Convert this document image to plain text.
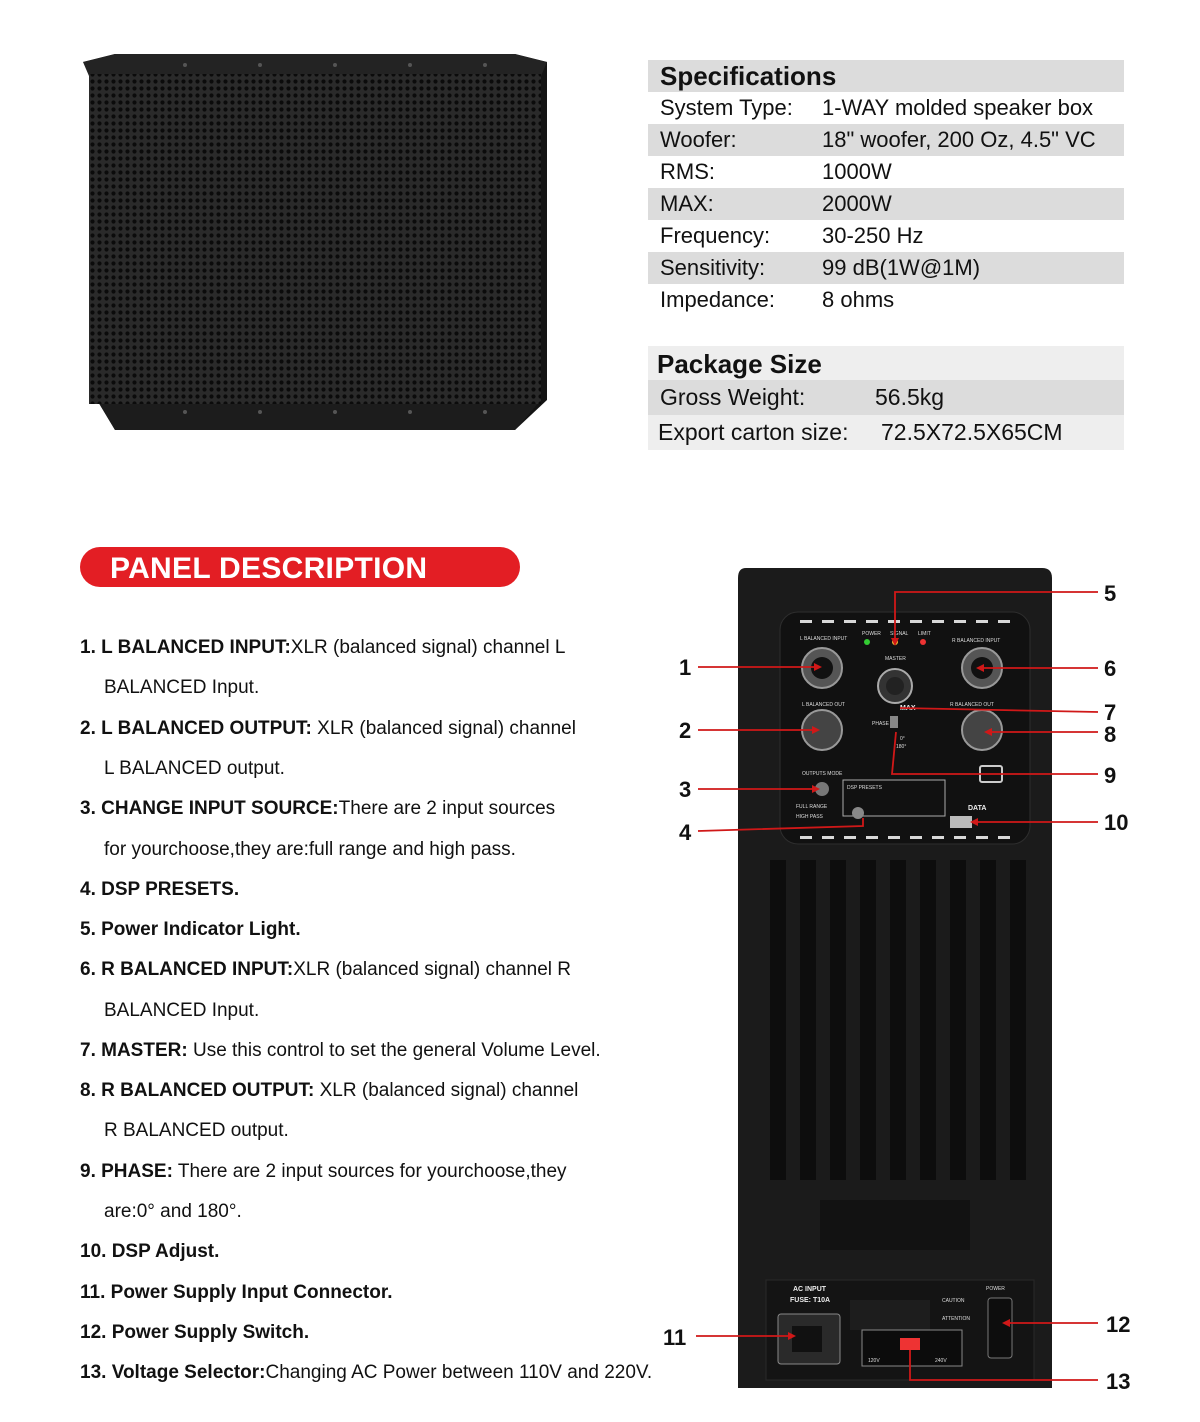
Specifications
System Type: 1-WAY molded speaker box
Woofer:	18" woofer, 200 Oz, 4.5" VC
RMS:	1000W
MAX:	2000W
Frequency: 30-250 Hz
Sensitivity:	99 dB(1W@1M)
Impedance: 8 ohms
Package Size
Gross Weight:	56.5kg
Export carton size: 72.5X72.5X65CM
PANEL DESCRIPTION
1. L BALANCED INPUT:XLR (balanced signal) channel L
BALANCED Input.
2. L BALANCED OUTPUT: XLR (balanced signal) channel
L BALANCED output.
3. CHANGE INPUT SOURCE:There are 2 input sources
for yourchoose,they are:full range and high pass.
4. DSP PRESETS.
5. Power Indicator Light.
6. R BALANCED INPUT:XLR (balanced signal) channel R
BALANCED Input.
7. MASTER: Use this control to set the general Volume Level.
8. R BALANCED OUTPUT: XLR (balanced signal) channel
R BALANCED output.
9. PHASE: There are 2 input sources for yourchoose,they
are:0° and 180°.
10. DSP Adjust.
11. Power Supply Input Connector.
12. Power Supply Switch.
13. Voltage Selector:Changing AC Power between 110V and 220V.
L BALANCED INPUT	R BALANCED INPUT
POWER SIGNAL LIMIT
MASTER
MAX
L BALANCED OUT	R BALANCED OUT
PHASE
0°
180°
OUTPUTS MODE
FULL RANGE
HIGH PASS
DSP PRESETS
DATA
AC INPUT
FUSE: T10A	CAUTION
ATTENTION
120V	240V
POWER
1
2
3
4
5
6
7
8
9
10
11
12
13
